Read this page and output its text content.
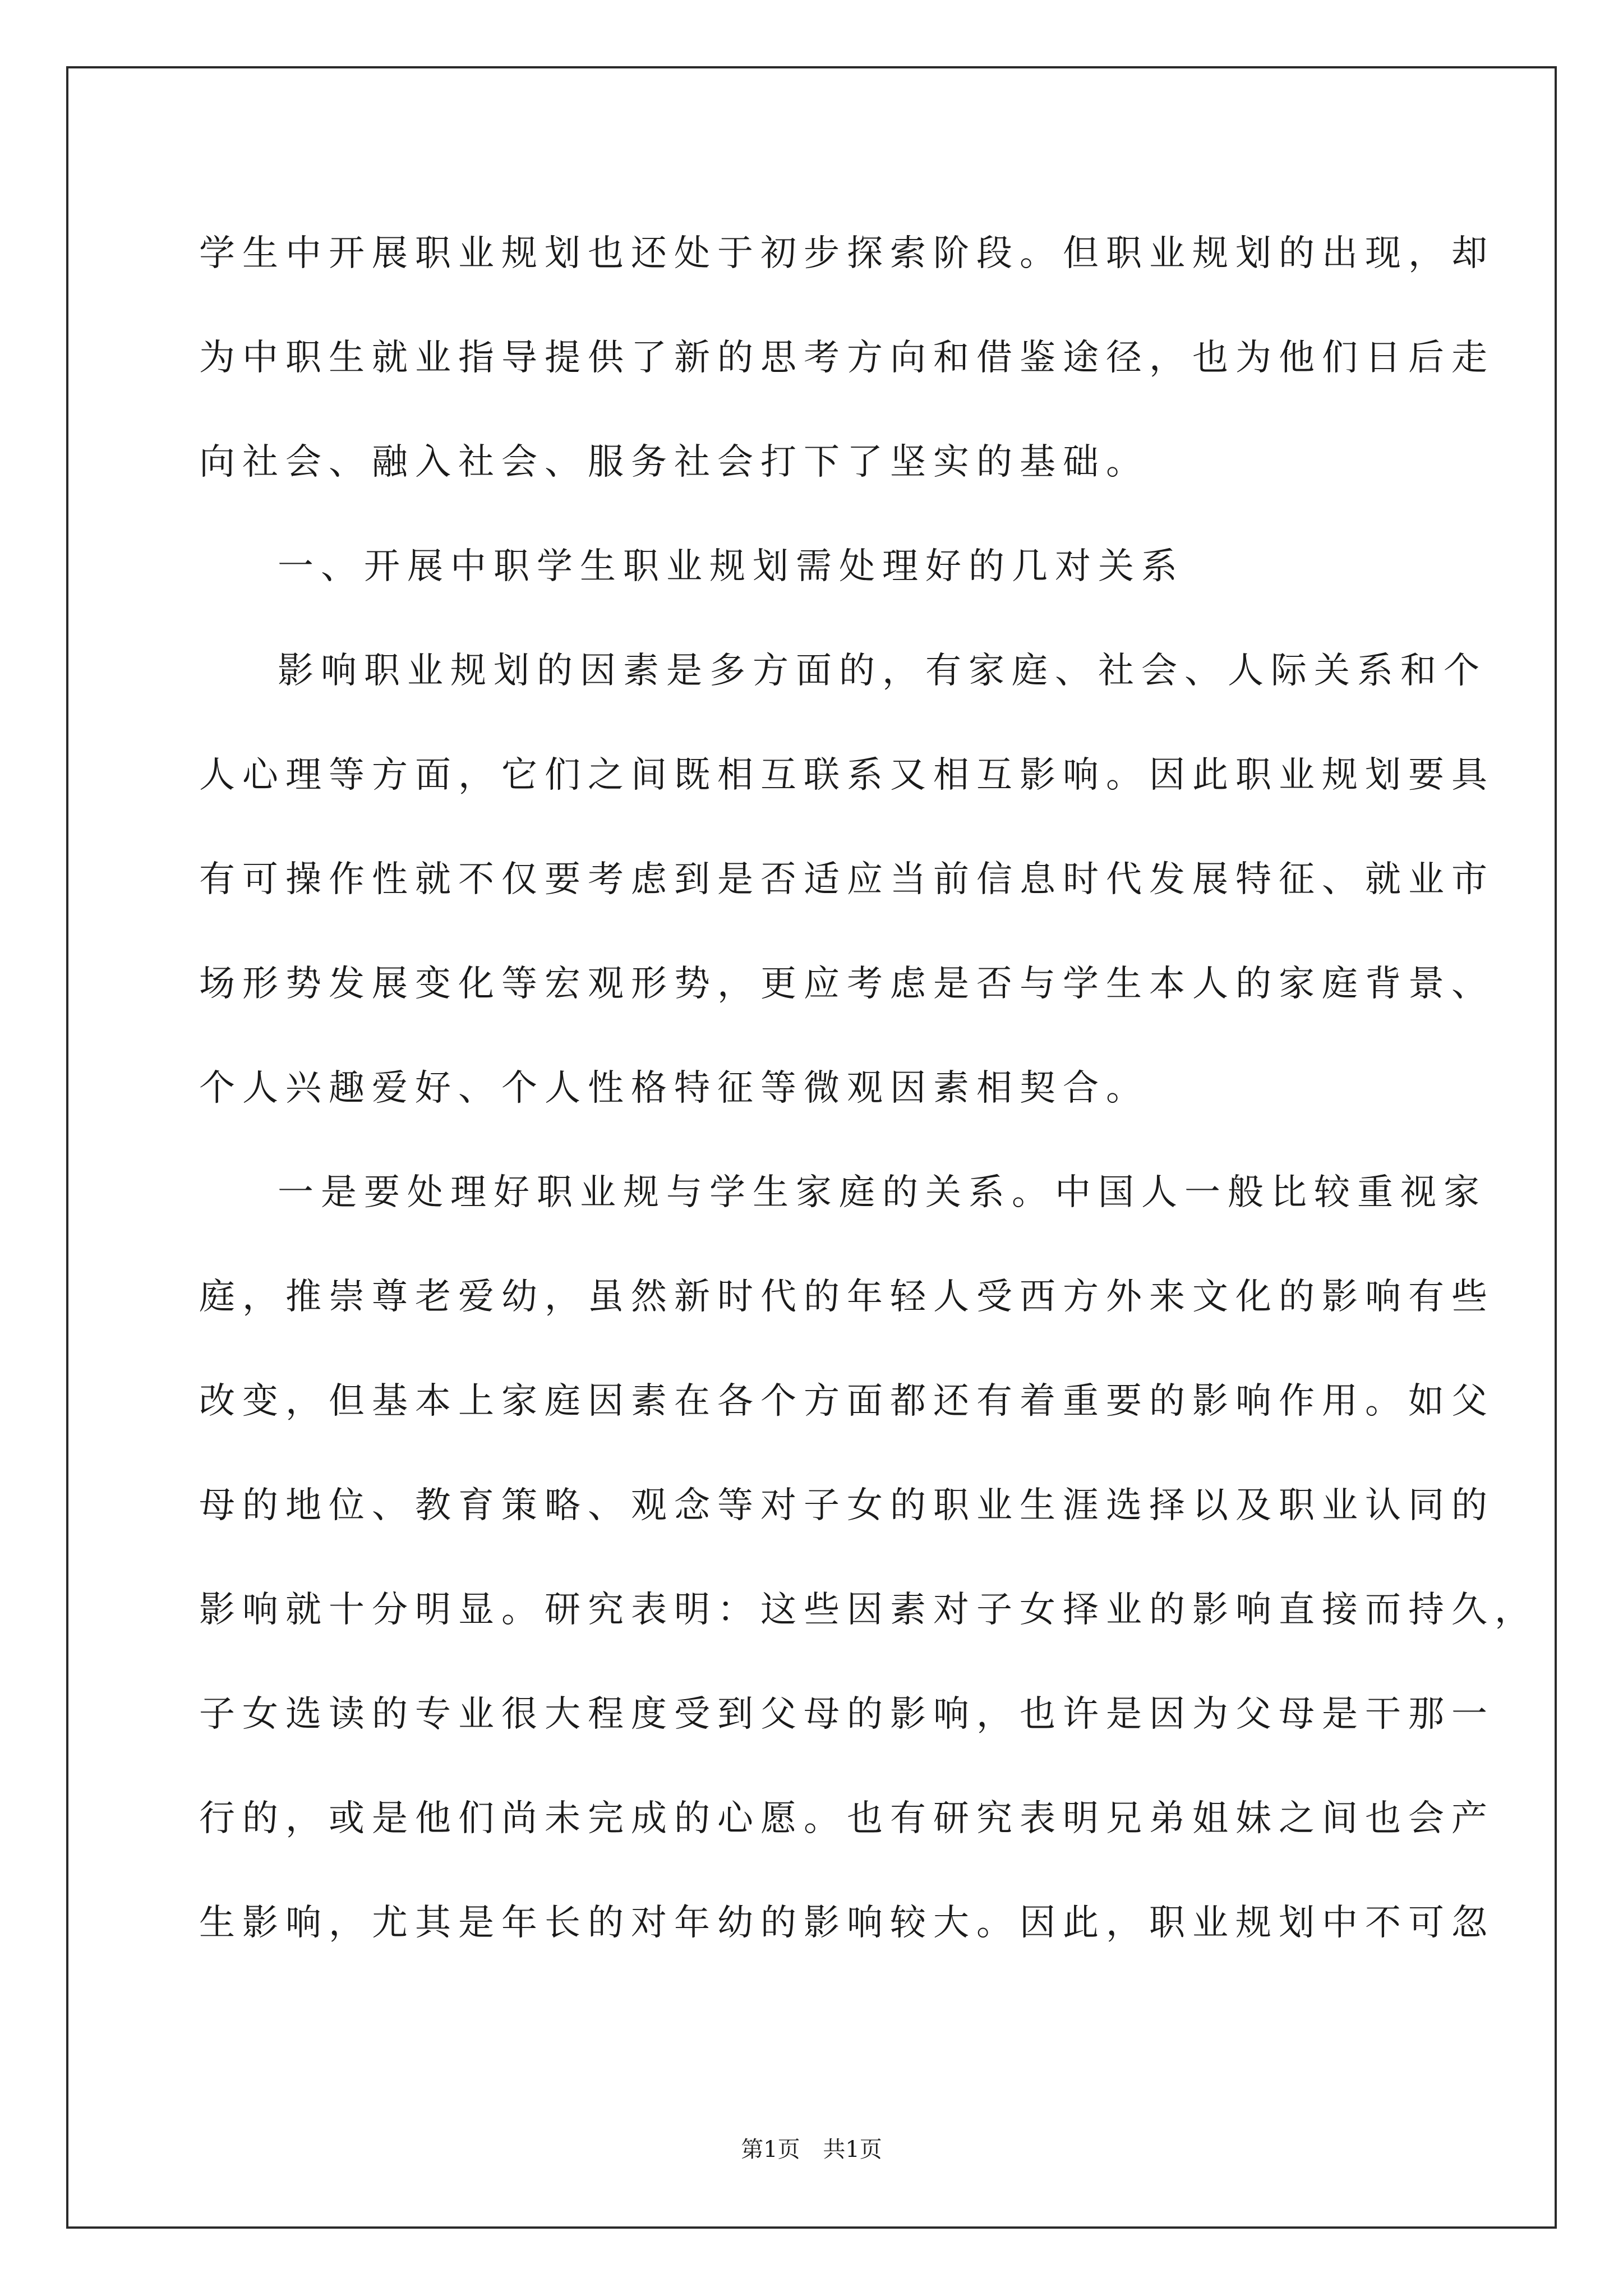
学生中开展职业规划也还处于初步探索阶段。但职业规划的出现，却
为中职生就业指导提供了新的思考方向和借鉴途径，也为他们日后走
向社会、融入社会、服务社会打下了坚实的基础。
一、开展中职学生职业规划需处理好的几对关系
影响职业规划的因素是多方面的，有家庭、社会、人际关系和个
人心理等方面，它们之间既相互联系又相互影响。因此职业规划要具
有可操作性就不仅要考虑到是否适应当前信息时代发展特征、就业市
场形势发展变化等宏观形势，更应考虑是否与学生本人的家庭背景、
个人兴趣爱好、个人性格特征等微观因素相契合。
一是要处理好职业规与学生家庭的关系。中国人一般比较重视家
庭，推崇尊老爱幼，虽然新时代的年轻人受西方外来文化的影响有些
改变，但基本上家庭因素在各个方面都还有着重要的影响作用。如父
母的地位、教育策略、观念等对子女的职业生涯选择以及职业认同的
影响就十分明显。研究表明：这些因素对子女择业的影响直接而持久，
子女选读的专业很大程度受到父母的影响，也许是因为父母是干那一
行的，或是他们尚未完成的心愿。也有研究表明兄弟姐妹之间也会产
生影响，尤其是年长的对年幼的影响较大。因此，职业规划中不可忽
第1页 共1页
